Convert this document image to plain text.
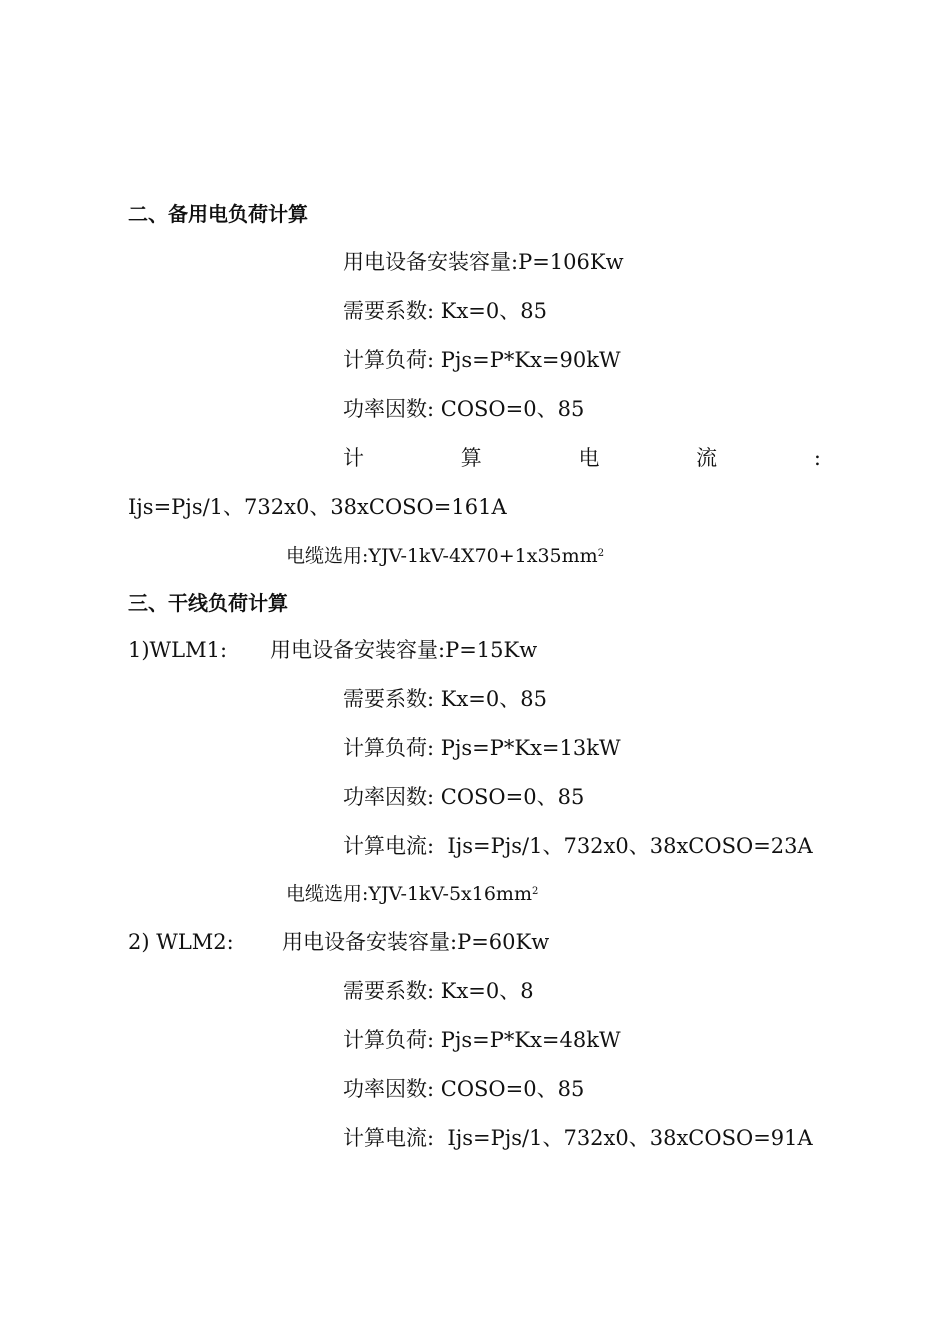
二、备用电负荷计算
用电设备安装容量:P=106Kw
需要系数: Kx=0、85
计算负荷: Pjs=P*Kx=90kW
功率因数: COSO=0、85
计	算	电	流	:
Ijs=Pjs/1、732x0、38xCOSO=161A
电缆选用$:YJV-1kV-4X70+1x35mm^2$
三、干线负荷计算
1)WLM1: 用电设备安装容量:P=15Kw
需要系数: Kx=0、85
计算负荷: Pjs=P*Kx=13kW
功率因数: COSO=0、85
计算电流:  Ijs=Pjs/1、732x0、38xCOSO=23A
电缆选用$:YJV-1kV-5x16mm^2$
2) WLM2: 用电设备安装容量:P=60Kw
需要系数: Kx=0、8
计算负荷: Pjs=P*Kx=48kW
功率因数: COSO=0、85
计算电流:  Ijs=Pjs/1、732x0、38xCOSO=91A
